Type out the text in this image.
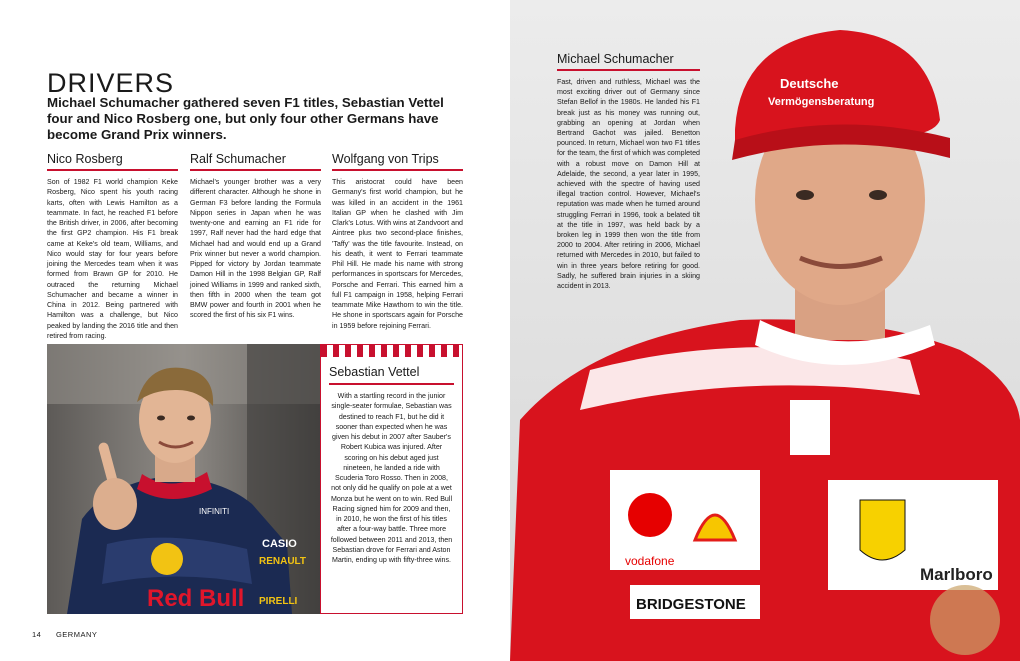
DRIVERS
Michael Schumacher gathered seven F1 titles, Sebastian Vettel four and Nico Rosberg one, but only four other Germans have become Grand Prix winners.
Nico Rosberg

Son of 1982 F1 world champion Keke Rosberg, Nico spent his youth racing karts, often with Lewis Hamilton as a teammate. In fact, he reached F1 before the British driver, in 2006, after becoming the first GP2 champion. His F1 break came at Keke's old team, Williams, and Nico would stay for four years before joining the Mercedes team when it was formed from Brawn GP for 2010. He outraced the returning Michael Schumacher and became a winner in China in 2012. Being partnered with Hamilton was a challenge, but Nico peaked by landing the 2016 title and then retired from racing.

Ralf Schumacher

Michael's younger brother was a very different character. Although he shone in German F3 before landing the Formula Nippon series in Japan when he was twenty-one and earning an F1 ride for 1997, Ralf never had the hard edge that Michael had and would end up a Grand Prix winner but never a world champion. Pipped for victory by Jordan teammate Damon Hill in the 1998 Belgian GP, Ralf joined Williams in 1999 and ranked sixth, then fifth in 2000 when the team got BMW power and fourth in 2001 when he scored the first of his six F1 wins.

Wolfgang von Trips

This aristocrat could have been Germany's first world champion, but he was killed in an accident in the 1961 Italian GP when he clashed with Jim Clark's Lotus. With wins at Zandvoort and Aintree plus two second-place finishes, 'Taffy' was the title favourite. Instead, on his death, it went to Ferrari teammate Phil Hill. He made his name with strong performances in sportscars for Mercedes, Porsche and Ferrari. This earned him a full F1 campaign in 1958, helping Ferrari teammate Mike Hawthorn to win the title. He shone in sportscars again for Porsche in 1959 before rejoining Ferrari.

Red Bull
CASIO
RENAULT
PIRELLI
INFINITI
Sebastian Vettel

With a startling record in the junior single-seater formulae, Sebastian was destined to reach F1, but he did it sooner than expected when he was given his debut in 2007 after Sauber's Robert Kubica was injured. After scoring on his debut aged just nineteen, he landed a ride with Scuderia Toro Rosso. Then in 2008, not only did he qualify on pole at a wet Monza but he went on to win. Red Bull Racing signed him for 2009 and then, in 2010, he won the first of his titles after a four-way battle. Three more followed between 2011 and 2013, then Sebastian drove for Ferrari and Aston Martin, ending up with fifty-three wins.

14 GERMANY
Deutsche
Vermögensberatung
vodafone
Marlboro
BRIDGESTONE
Michael Schumacher

Fast, driven and ruthless, Michael was the most exciting driver out of Germany since Stefan Bellof in the 1980s. He landed his F1 break just as his money was running out, grabbing an opening at Jordan when Bertrand Gachot was jailed. Benetton pounced. In return, Michael won two F1 titles for the team, the first of which was completed with a robust move on Damon Hill at Adelaide, the second, a year later in 1995, achieved with the spectre of having used illegal traction control. However, Michael's reputation was made when he turned around struggling Ferrari in 1996, took a belated tilt at the title in 1997, was held back by a broken leg in 1999 then won the title from 2000 to 2004. After retiring in 2006, Michael returned with Mercedes in 2010, but failed to win in three years before retiring for good. Sadly, he suffered brain injuries in a skiing accident in 2013.
